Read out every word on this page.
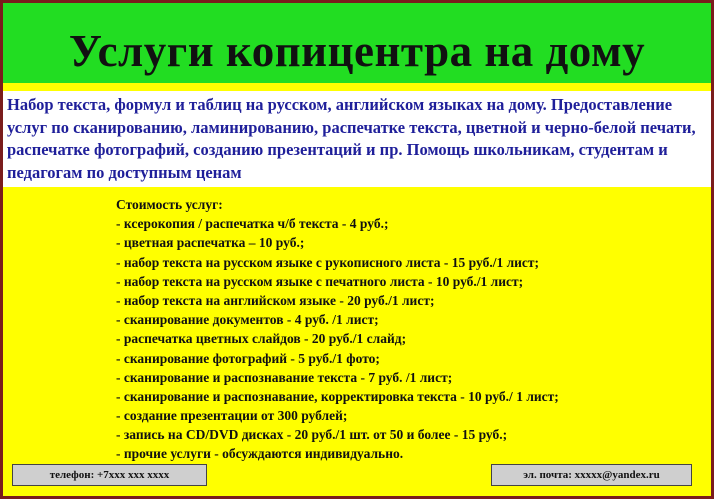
Услуги копицентра на дому

Набор текста, формул и таблиц на русском, английском языках на дому. Предоставление услуг по сканированию, ламинированию, распечатке текста, цветной и черно-белой печати, распечатке фотографий, созданию презентаций и пр. Помощь школьникам, студентам и педагогам по доступным ценам

Стоимость услуг:
- ксерокопия / распечатка ч/б текста - 4 руб.;
- цветная распечатка – 10 руб.;
- набор текста на русском языке с рукописного листа - 15 руб./1 лист;
- набор текста на русском языке с печатного листа - 10 руб./1 лист;
- набор текста на английском языке - 20 руб./1 лист;
- сканирование документов - 4 руб. /1 лист;
- распечатка цветных слайдов - 20 руб./1 слайд;
- сканирование фотографий - 5 руб./1 фото;
- сканирование и распознавание текста - 7 руб. /1 лист;
- сканирование и распознавание, корректировка текста - 10 руб./ 1 лист;
- создание презентации от 300 рублей;
- запись на CD/DVD дисках - 20 руб./1 шт. от 50 и более - 15 руб.;
- прочие услуги - обсуждаются индивидуально.
телефон: +7xxx xxx xxxx	эл. почта: xxxxx@yandex.ru
